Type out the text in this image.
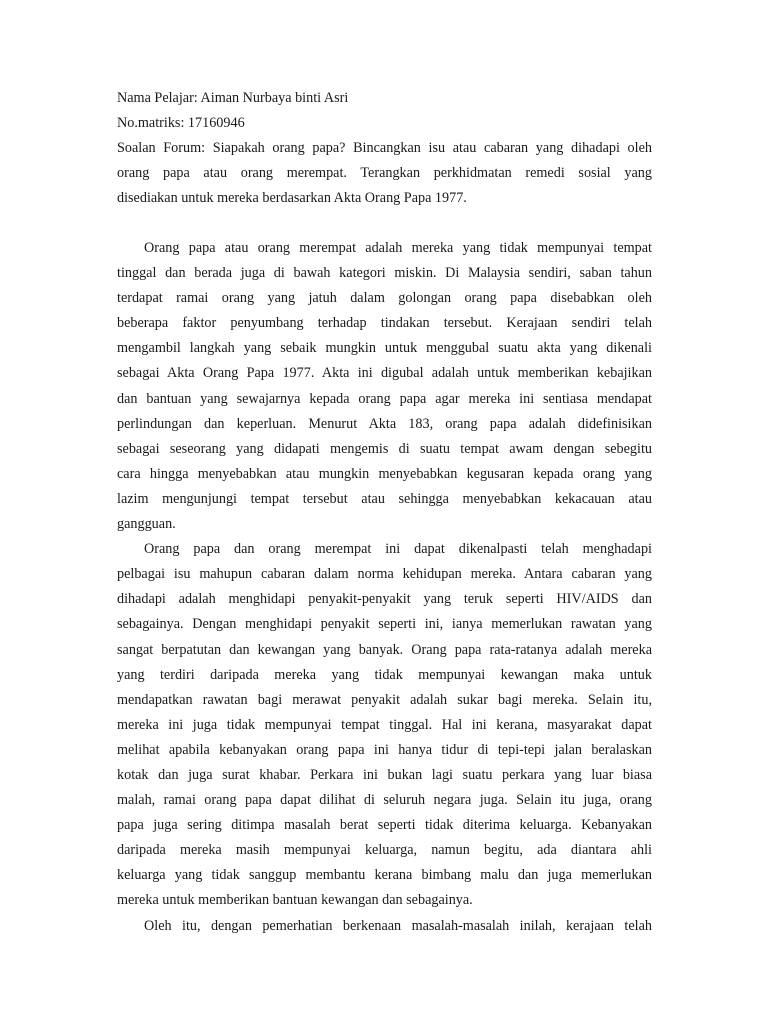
Nama Pelajar: Aiman Nurbaya binti Asri
No.matriks: 17160946
Soalan Forum: Siapakah orang papa? Bincangkan isu atau cabaran yang dihadapi oleh
orang papa atau orang merempat. Terangkan perkhidmatan remedi sosial yang
disediakan untuk mereka berdasarkan Akta Orang Papa 1977.
Orang papa atau orang merempat adalah mereka yang tidak mempunyai tempat
tinggal dan berada juga di bawah kategori miskin. Di Malaysia sendiri, saban tahun
terdapat ramai orang yang jatuh dalam golongan orang papa disebabkan oleh
beberapa faktor penyumbang terhadap tindakan tersebut. Kerajaan sendiri telah
mengambil langkah yang sebaik mungkin untuk menggubal suatu akta yang dikenali
sebagai Akta Orang Papa 1977. Akta ini digubal adalah untuk memberikan kebajikan
dan bantuan yang sewajarnya kepada orang papa agar mereka ini sentiasa mendapat
perlindungan dan keperluan. Menurut Akta 183, orang papa adalah didefinisikan
sebagai seseorang yang didapati mengemis di suatu tempat awam dengan sebegitu
cara hingga menyebabkan atau mungkin menyebabkan kegusaran kepada orang yang
lazim mengunjungi tempat tersebut atau sehingga menyebabkan kekacauan atau
gangguan.
Orang papa dan orang merempat ini dapat dikenalpasti telah menghadapi
pelbagai isu mahupun cabaran dalam norma kehidupan mereka. Antara cabaran yang
dihadapi adalah menghidapi penyakit-penyakit yang teruk seperti HIV/AIDS dan
sebagainya. Dengan menghidapi penyakit seperti ini, ianya memerlukan rawatan yang
sangat berpatutan dan kewangan yang banyak. Orang papa rata-ratanya adalah mereka
yang terdiri daripada mereka yang tidak mempunyai kewangan maka untuk
mendapatkan rawatan bagi merawat penyakit adalah sukar bagi mereka. Selain itu,
mereka ini juga tidak mempunyai tempat tinggal. Hal ini kerana, masyarakat dapat
melihat apabila kebanyakan orang papa ini hanya tidur di tepi-tepi jalan beralaskan
kotak dan juga surat khabar. Perkara ini bukan lagi suatu perkara yang luar biasa
malah, ramai orang papa dapat dilihat di seluruh negara juga. Selain itu juga, orang
papa juga sering ditimpa masalah berat seperti tidak diterima keluarga. Kebanyakan
daripada mereka masih mempunyai keluarga, namun begitu, ada diantara ahli
keluarga yang tidak sanggup membantu kerana bimbang malu dan juga memerlukan
mereka untuk memberikan bantuan kewangan dan sebagainya.
Oleh itu, dengan pemerhatian berkenaan masalah-masalah inilah, kerajaan telah
